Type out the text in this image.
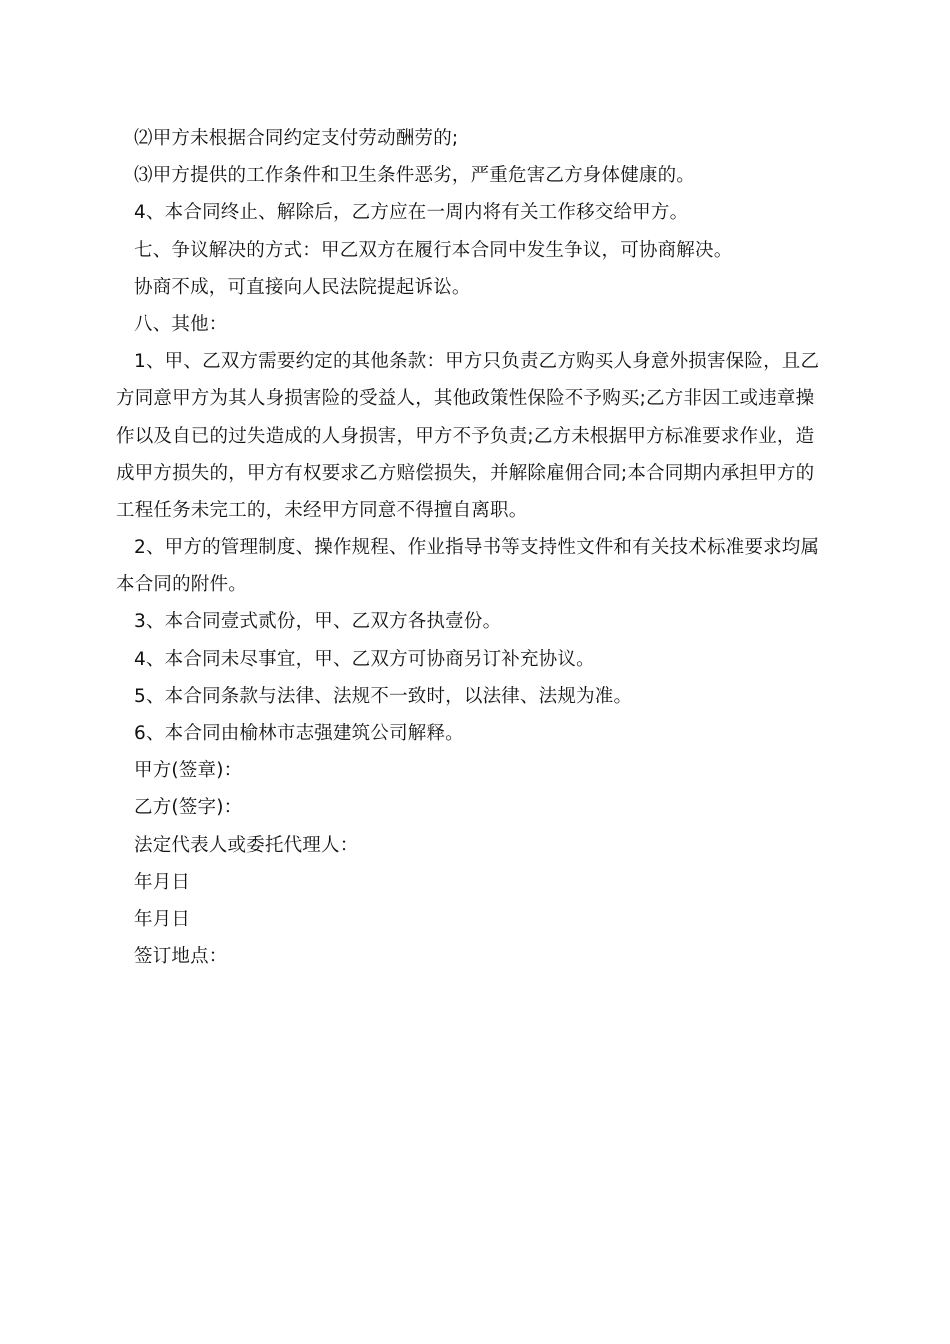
⑵甲方未根据合同约定支付劳动酬劳的;
⑶甲方提供的工作条件和卫生条件恶劣，严重危害乙方身体健康的。
4、本合同终止、解除后，乙方应在一周内将有关工作移交给甲方。
七、争议解决的方式：甲乙双方在履行本合同中发生争议，可协商解决。
协商不成，可直接向人民法院提起诉讼。
八、其他：
1、甲、乙双方需要约定的其他条款：甲方只负责乙方购买人身意外损害保险，且乙
方同意甲方为其人身损害险的受益人，其他政策性保险不予购买;乙方非因工或违章操
作以及自已的过失造成的人身损害，甲方不予负责;乙方未根据甲方标准要求作业，造
成甲方损失的，甲方有权要求乙方赔偿损失，并解除雇佣合同;本合同期内承担甲方的
工程任务未完工的，未经甲方同意不得擅自离职。
2、甲方的管理制度、操作规程、作业指导书等支持性文件和有关技术标准要求均属
本合同的附件。
3、本合同壹式贰份，甲、乙双方各执壹份。
4、本合同未尽事宜，甲、乙双方可协商另订补充协议。
5、本合同条款与法律、法规不一致时，以法律、法规为准。
6、本合同由榆林市志强建筑公司解释。
甲方(签章)：
乙方(签字)：
法定代表人或委托代理人：
年月日
年月日
签订地点：
